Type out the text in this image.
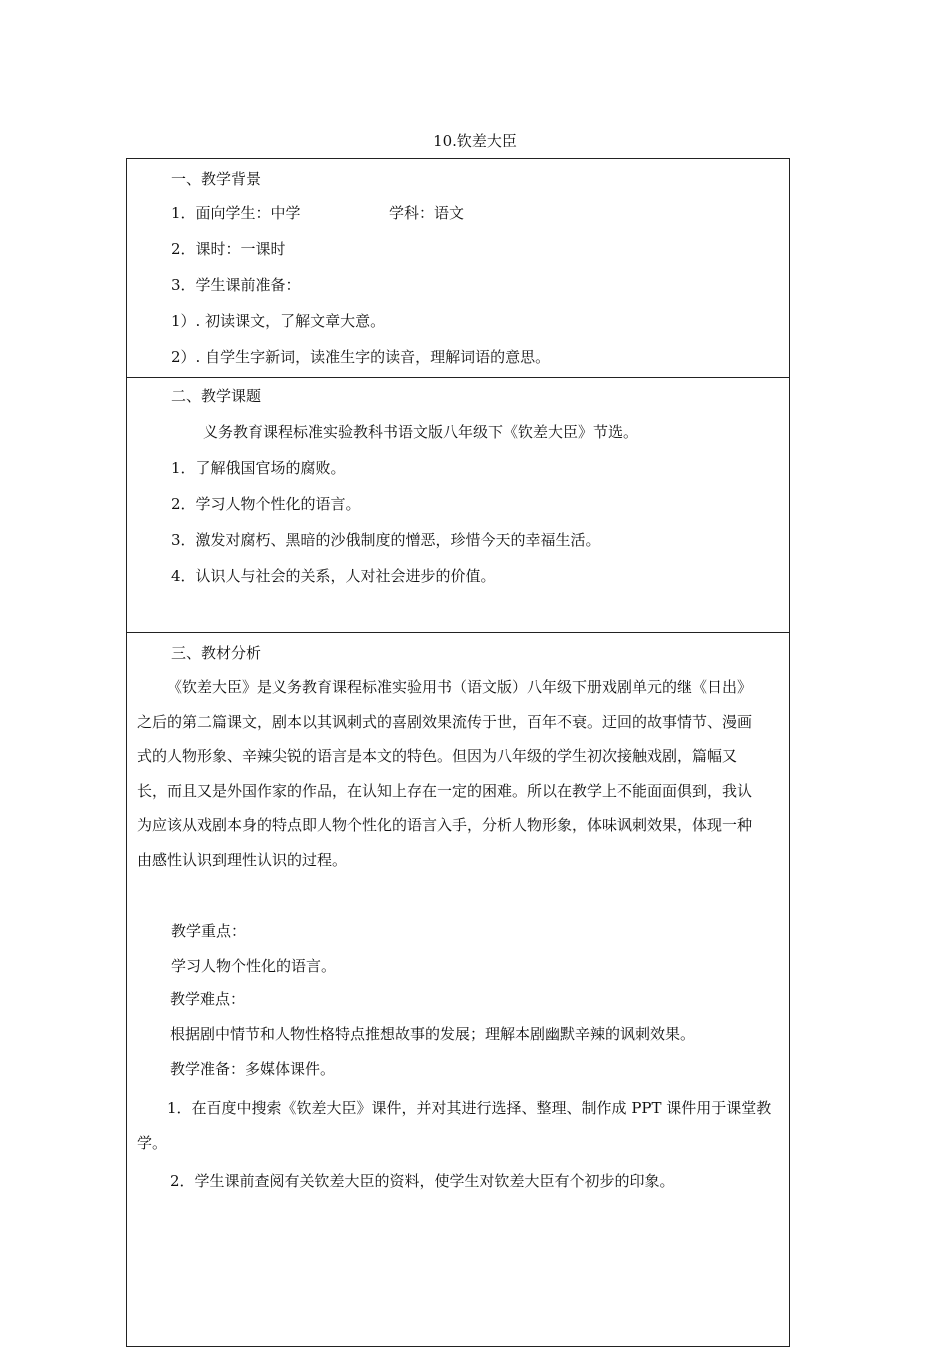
10.钦差大臣
一、教学背景
1．面向学生：中学	学科：语文
2．课时：一课时
3．学生课前准备：
1）. 初读课文，了解文章大意。
2）. 自学生字新词，读准生字的读音，理解词语的意思。
二、教学课题
义务教育课程标准实验教科书语文版八年级下《钦差大臣》节选。
1．了解俄国官场的腐败。
2．学习人物个性化的语言。
3．激发对腐朽、黑暗的沙俄制度的憎恶，珍惜今天的幸福生活。
4．认识人与社会的关系，人对社会进步的价值。
三、教材分析
《钦差大臣》是义务教育课程标准实验用书（语文版）八年级下册戏剧单元的继《日出》之后的第二篇课文，剧本以其讽刺式的喜剧效果流传于世，百年不衰。迂回的故事情节、漫画式的人物形象、辛辣尖锐的语言是本文的特色。但因为八年级的学生初次接触戏剧，篇幅又长，而且又是外国作家的作品，在认知上存在一定的困难。所以在教学上不能面面俱到，我认为应该从戏剧本身的特点即人物个性化的语言入手，分析人物形象，体味讽刺效果，体现一种由感性认识到理性认识的过程。
教学重点：
学习人物个性化的语言。
教学难点：
根据剧中情节和人物性格特点推想故事的发展；理解本剧幽默辛辣的讽刺效果。
教学准备：多媒体课件。
1．在百度中搜索《钦差大臣》课件，并对其进行选择、整理、制作成 PPT 课件用于课堂教学。
2．学生课前查阅有关钦差大臣的资料，使学生对钦差大臣有个初步的印象。
